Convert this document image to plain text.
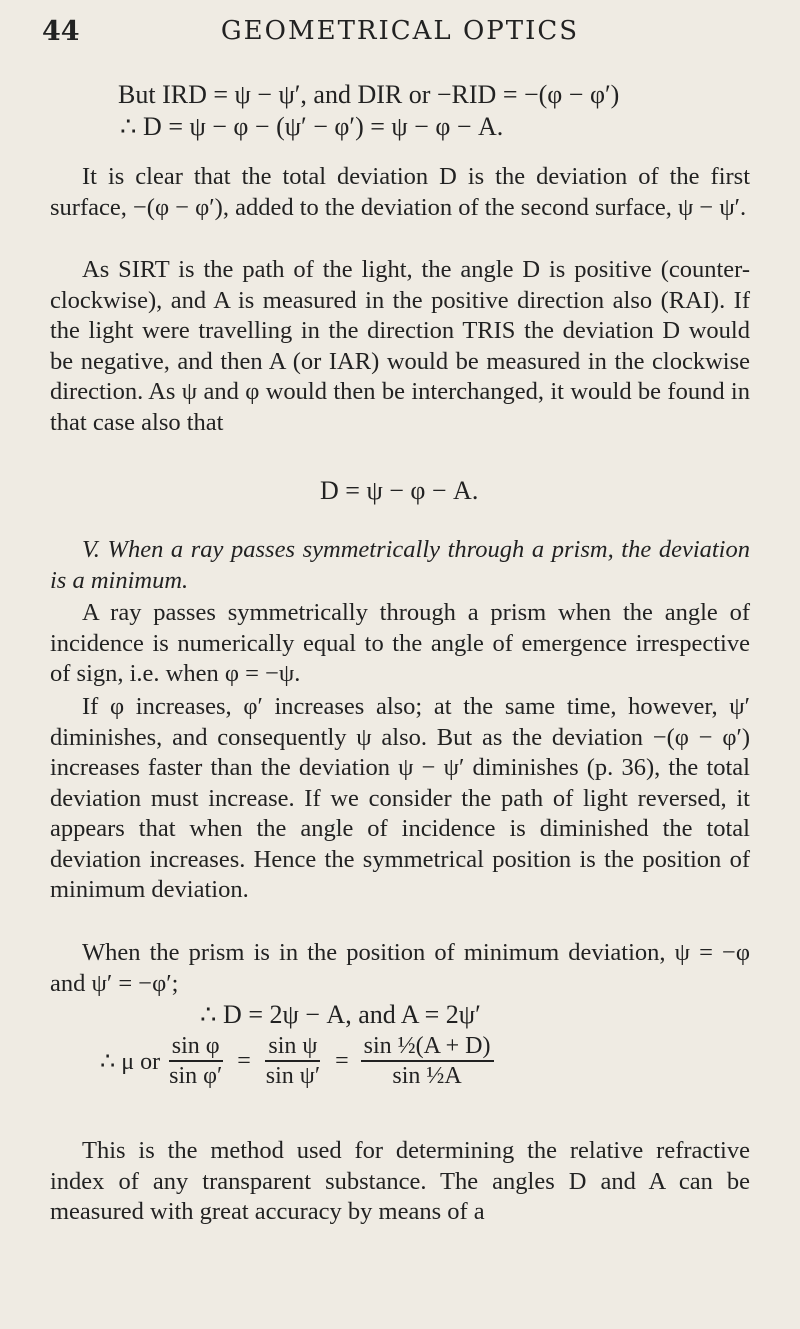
44	GEOMETRICAL OPTICS
But IRD = ψ − ψ′, and DIR or −RID = −(φ − φ′)
∴ D = ψ − φ − (ψ′ − φ′) = ψ − φ − A.

It is clear that the total deviation D is the deviation of the first surface, −(φ − φ′), added to the deviation of the second surface, ψ − ψ′.

As SIRT is the path of the light, the angle D is positive (counter-clockwise), and A is measured in the positive direction also (RAI). If the light were travelling in the direction TRIS the deviation D would be negative, and then A (or IAR) would be measured in the clockwise direction. As ψ and φ would then be interchanged, it would be found in that case also that

D = ψ − φ − A.

V. When a ray passes symmetrically through a prism, the deviation is a minimum.

A ray passes symmetrically through a prism when the angle of incidence is numerically equal to the angle of emergence irrespective of sign, i.e. when φ = −ψ.

If φ increases, φ′ increases also; at the same time, however, ψ′ diminishes, and consequently ψ also. But as the deviation −(φ − φ′) increases faster than the deviation ψ − ψ′ diminishes (p. 36), the total deviation must increase. If we consider the path of light reversed, it appears that when the angle of incidence is diminished the total deviation increases. Hence the symmetrical position is the position of minimum deviation.

When the prism is in the position of minimum deviation, ψ = −φ and ψ′ = −φ′;

∴ D = 2ψ − A, and A = 2ψ′
∴ μ or $\frac{\text{sin φ}}{\text{sin φ′}} = \frac{\text{sin ψ}}{\text{sin ψ′}} = \frac{\text{sin ½(A + D)}}{\text{sin ½A}}$

This is the method used for determining the relative refractive index of any transparent substance. The angles D and A can be measured with great accuracy by means of a
